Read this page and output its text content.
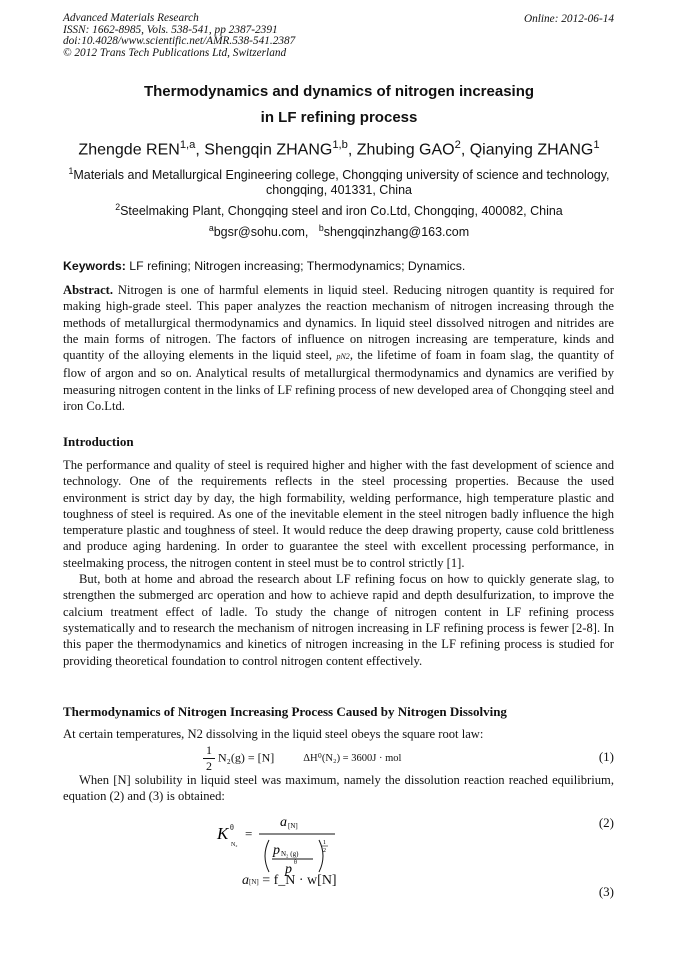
Advanced Materials Research
ISSN: 1662-8985, Vols. 538-541, pp 2387-2391
doi:10.4028/www.scientific.net/AMR.538-541.2387
© 2012 Trans Tech Publications Ltd, Switzerland
Online: 2012-06-14
Thermodynamics and dynamics of nitrogen increasing
in LF refining process
Zhengde REN$^{1,a}$, Shengqin ZHANG$^{1,b}$, Zhubing GAO$^2$, Qianying ZHANG$^1$
$^1$Materials and Metallurgical Engineering college, Chongqing university of science and technology, chongqing, 401331, China
$^2$Steelmaking Plant, Chongqing steel and iron Co.Ltd, Chongqing, 400082, China
$^a$bgsr@sohu.com, $^b$shengqinzhang@163.com
Keywords: LF refining; Nitrogen increasing; Thermodynamics; Dynamics.

Abstract. Nitrogen is one of harmful elements in liquid steel. Reducing nitrogen quantity is required for making high-grade steel. This paper analyzes the reaction mechanism of nitrogen increasing through the methods of metallurgical thermodynamics and dynamics. In liquid steel dissolved nitrogen and nitrides are the main forms of nitrogen. The factors of influence on nitrogen increasing are temperature, kinds and quantity of the alloying elements in the liquid steel, pN2, the lifetime of foam in foam slag, the quantity of flow of argon and so on. Analytical results of metallurgical thermodynamics and dynamics are verified by measuring nitrogen content in the links of LF refining process of new developed area of Chongqing steel and iron Co.Ltd.

Introduction

The performance and quality of steel is required higher and higher with the fast development of science and technology. One of the requirements reflects in the steel processing properties. Because the used environment is strict day by day, the high formability, welding performance, high temperature plastic and toughness of steel is required. As one of the inevitable element in the steel nitrogen badly influence the high temperature plastic and toughness of steel. It would reduce the deep drawing property, cause cold brittleness and produce aging hardening. In order to guarantee the steel with excellent processing performance, in steelmaking process, the nitrogen content in steel must be to control strictly [1].

But, both at home and abroad the research about LF refining focus on how to quickly generate slag, to strengthen the submerged arc operation and how to achieve rapid and depth desulfurization, to improve the calcium treatment effect of ladle. To study the change of nitrogen content in LF refining process systematically and to research the mechanism of nitrogen increasing in LF refining process is fewer [2-8]. In this paper the thermodynamics and kinetics of nitrogen increasing in the LF refining process is studied for providing theoretical foundation to control nitrogen content effectively.

Thermodynamics of Nitrogen Increasing Process Caused by Nitrogen Dissolving
At certain temperatures, N2 dissolving in the liquid steel obeys the square root law:
$\frac{1}{2} N_2(g) = [N]$	ΔH⁰(N₂) = 3600J · mol	(1)
When [N] solubility in liquid steel was maximum, namely the dissolution reaction reached equilibrium, equation (2) and (3) is obtained:
K θ
N₂
=
a [N]
p N₂ (g)
p θ
1
2
(2)
a[N] = f_N · w[N]
(3)
